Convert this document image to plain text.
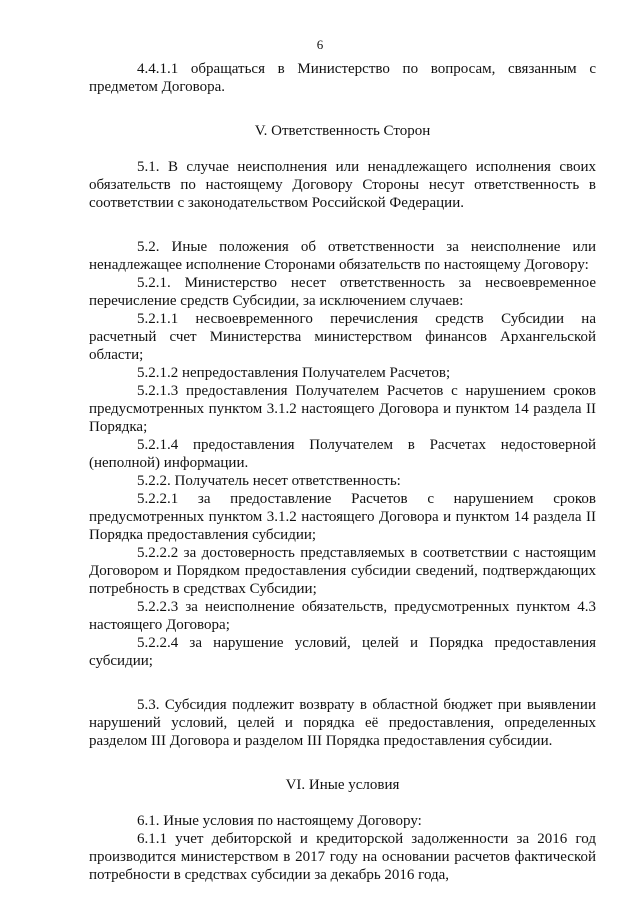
6

4.4.1.1 обращаться в Министерство по вопросам, связанным с предметом Договора.

V. Ответственность Сторон

5.1. В случае неисполнения или ненадлежащего исполнения своих обязательств по настоящему Договору Стороны несут ответственность в соответствии с законодательством Российской Федерации.

5.2. Иные положения об ответственности за неисполнение или ненадлежащее исполнение Сторонами обязательств по настоящему Договору:

5.2.1. Министерство несет ответственность за несвоевременное перечисление средств Субсидии, за исключением случаев:

5.2.1.1 несвоевременного перечисления средств Субсидии на расчетный счет Министерства министерством финансов Архангельской области;

5.2.1.2 непредоставления Получателем Расчетов;

5.2.1.3 предоставления Получателем Расчетов с нарушением сроков предусмотренных пунктом 3.1.2 настоящего Договора и пунктом 14 раздела II Порядка;

5.2.1.4 предоставления Получателем в Расчетах недостоверной (неполной) информации.

5.2.2. Получатель несет ответственность:

5.2.2.1 за предоставление Расчетов с нарушением сроков предусмотренных пунктом 3.1.2 настоящего Договора и пунктом 14 раздела II Порядка предоставления субсидии;

5.2.2.2 за достоверность представляемых в соответствии с настоящим Договором и Порядком предоставления субсидии сведений, подтверждающих потребность в средствах Субсидии;

5.2.2.3 за неисполнение обязательств, предусмотренных пунктом 4.3 настоящего Договора;

5.2.2.4 за нарушение условий, целей и Порядка предоставления субсидии;

5.3. Субсидия подлежит возврату в областной бюджет при выявлении нарушений условий, целей и порядка её предоставления, определенных разделом III Договора и разделом III Порядка предоставления субсидии.

VI. Иные условия

6.1. Иные условия по настоящему Договору:

6.1.1 учет дебиторской и кредиторской задолженности за 2016 год производится министерством в 2017 году на основании расчетов фактической потребности в средствах субсидии за декабрь 2016 года,
